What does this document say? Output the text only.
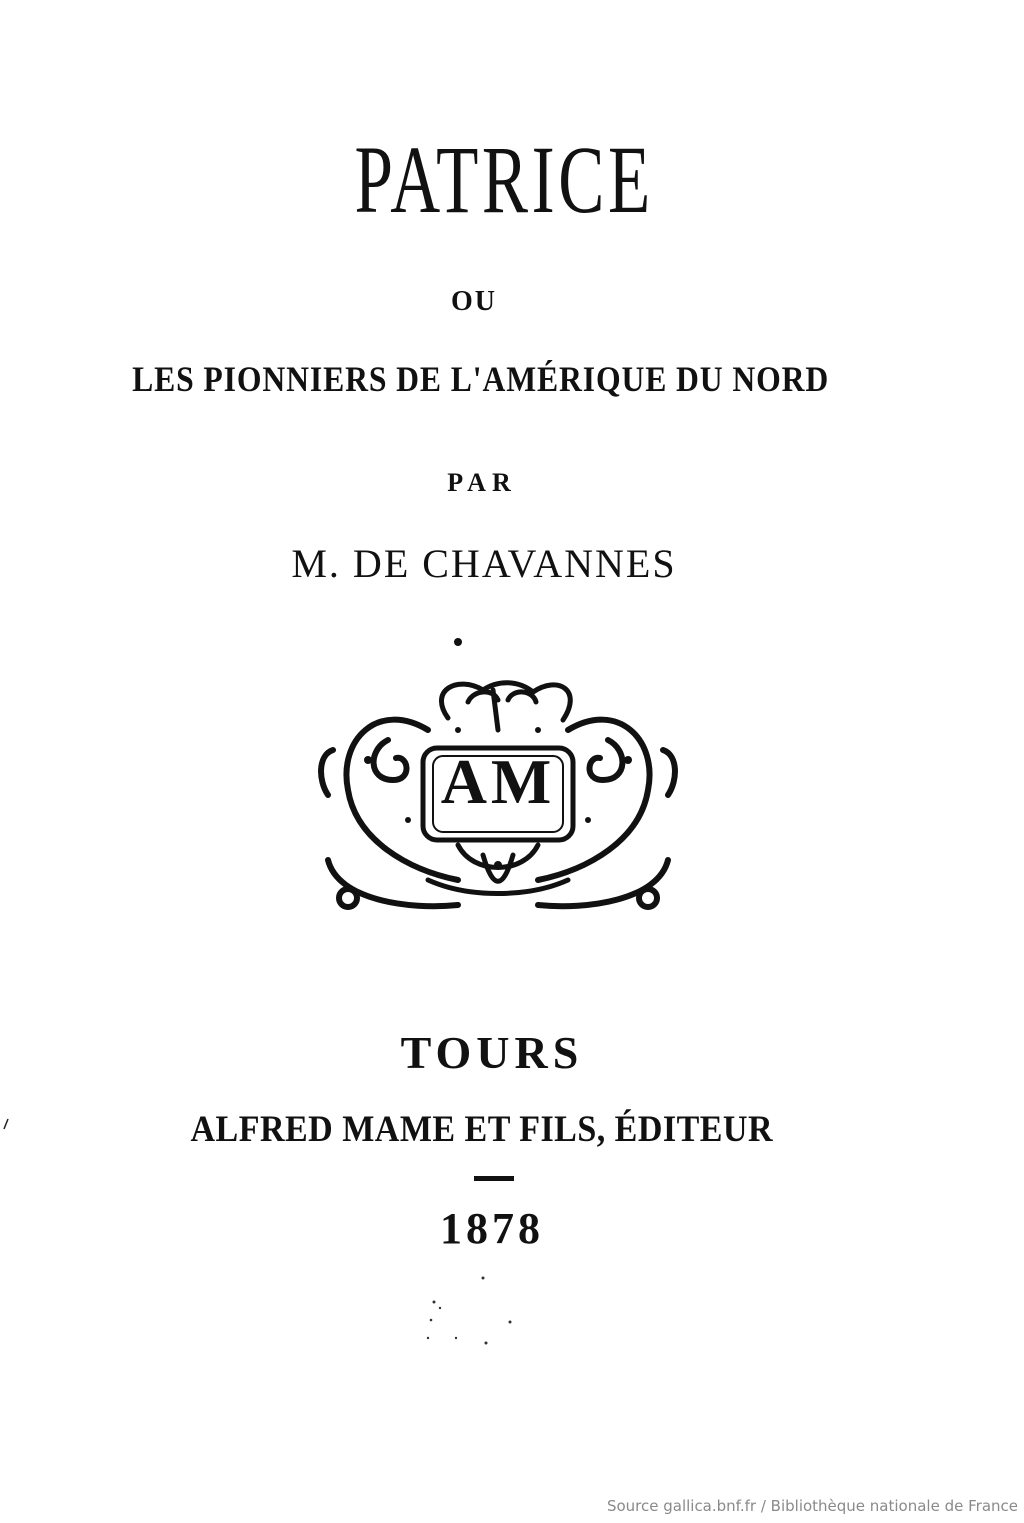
PATRICE
OU
LES PIONNIERS DE L'AMÉRIQUE DU NORD
PAR
M. DE CHAVANNES
AM
TOURS
ALFRED MAME ET FILS, ÉDITEUR
1878
Source gallica.bnf.fr / Bibliothèque nationale de France
